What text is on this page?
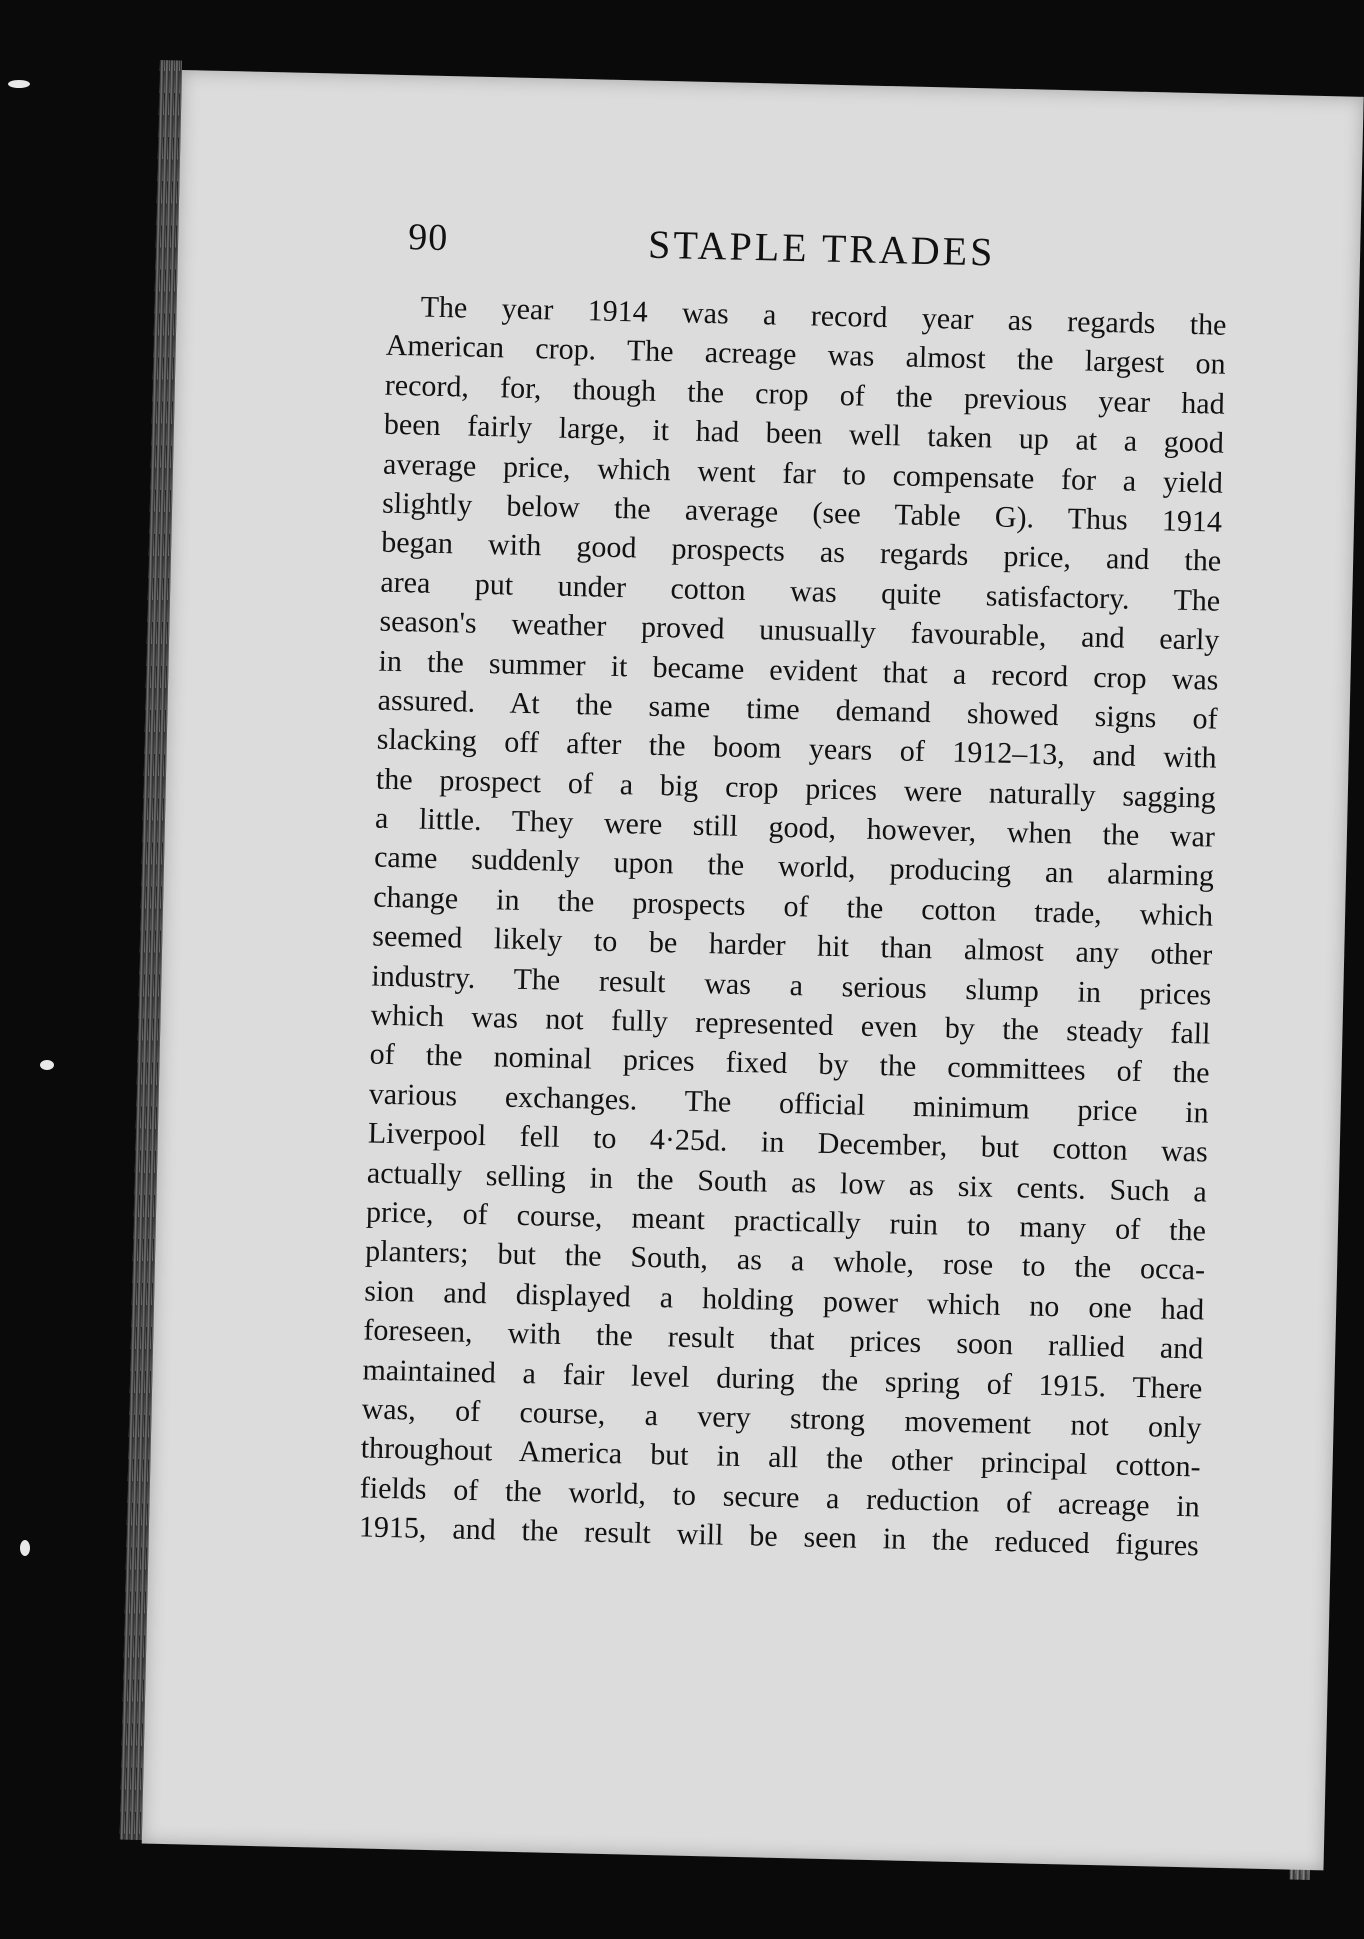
90	STAPLE TRADES
The year 1914 was a record year as regards the
American crop. The acreage was almost the largest on
record, for, though the crop of the previous year had
been fairly large, it had been well taken up at a good
average price, which went far to compensate for a yield
slightly below the average (see Table G). Thus 1914
began with good prospects as regards price, and the
area put under cotton was quite satisfactory. The
season's weather proved unusually favourable, and early
in the summer it became evident that a record crop was
assured. At the same time demand showed signs of
slacking off after the boom years of 1912–13, and with
the prospect of a big crop prices were naturally sagging
a little. They were still good, however, when the war
came suddenly upon the world, producing an alarming
change in the prospects of the cotton trade, which
seemed likely to be harder hit than almost any other
industry. The result was a serious slump in prices
which was not fully represented even by the steady fall
of the nominal prices fixed by the committees of the
various exchanges. The official minimum price in
Liverpool fell to 4·25d. in December, but cotton was
actually selling in the South as low as six cents. Such a
price, of course, meant practically ruin to many of the
planters; but the South, as a whole, rose to the occa-
sion and displayed a holding power which no one had
foreseen, with the result that prices soon rallied and
maintained a fair level during the spring of 1915. There
was, of course, a very strong movement not only
throughout America but in all the other principal cotton-
fields of the world, to secure a reduction of acreage in
1915, and the result will be seen in the reduced figures
